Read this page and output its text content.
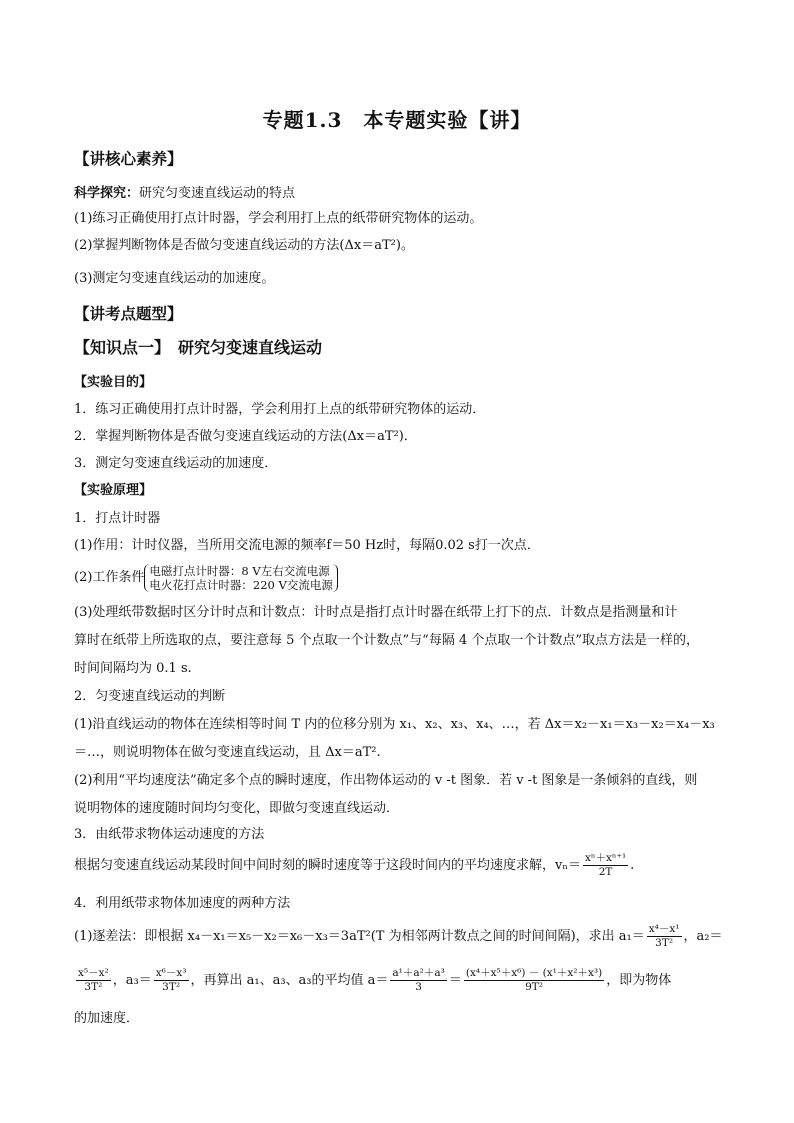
专题1.3　本专题实验【讲】
【讲核心素养】
科学探究：研究匀变速直线运动的特点
(1)练习正确使用打点计时器，学会利用打上点的纸带研究物体的运动。
(2)掌握判断物体是否做匀变速直线运动的方法(Δx＝aT²)。
(3)测定匀变速直线运动的加速度。
【讲考点题型】
【知识点一】　研究匀变速直线运动
【实验目的】
1．练习正确使用打点计时器，学会利用打上点的纸带研究物体的运动．
2．掌握判断物体是否做匀变速直线运动的方法(Δx＝aT²)．
3．测定匀变速直线运动的加速度．
【实验原理】
1．打点计时器
(1)作用：计时仪器，当所用交流电源的频率f＝50 Hz时，每隔0.02 s打一次点．
(2)工作条件 电磁打点计时器：8 V左右交流电源
电火花打点计时器：220 V交流电源
(3)处理纸带数据时区分计时点和计数点：计时点是指打点计时器在纸带上打下的点．计数点是指测量和计
算时在纸带上所选取的点，要注意每 5 个点取一个计数点”与“每隔 4 个点取一个计数点”取点方法是一样的，
时间间隔均为 0.1 s.
2．匀变速直线运动的判断
(1)沿直线运动的物体在连续相等时间 T 内的位移分别为 x₁、x₂、x₃、x₄、…，若 Δx＝x₂－x₁＝x₃－x₂＝x₄－x₃
＝…，则说明物体在做匀变速直线运动，且 Δx＝aT².
(2)利用“平均速度法”确定多个点的瞬时速度，作出物体运动的 v -t 图象．若 v -t 图象是一条倾斜的直线，则
说明物体的速度随时间均匀变化，即做匀变速直线运动．
3．由纸带求物体运动速度的方法
根据匀变速直线运动某段时间中间时刻的瞬时速度等于这段时间内的平均速度求解，$v_n= \frac{\text{xⁿ＋xⁿ⁺¹}}{2T}$ .
4．利用纸带求物体加速度的两种方法
(1)逐差法：即根据 x₄－x₁＝x₅－x₂＝x₆－x₃＝3aT²(T 为相邻两计数点之间的时间间隔)，求出 $a_1= \frac{\text{x⁴－x¹}}{\text{3T²}}$ ，a₂＝
$\frac{\text{x⁵－x²}}{\text{3T²}}$ ，$a_3= \frac{\text{x⁶－x³}}{\text{3T²}}$ ，再算出 a₁、a₃、a₃的平均值 $a= \frac{\text{a¹＋a²＋a³}}{3} = \frac{\text{(x⁴＋x⁵＋x⁶) － (x¹＋x²＋x³)}}{\text{9T²}}$ ，即为物体
的加速度．
